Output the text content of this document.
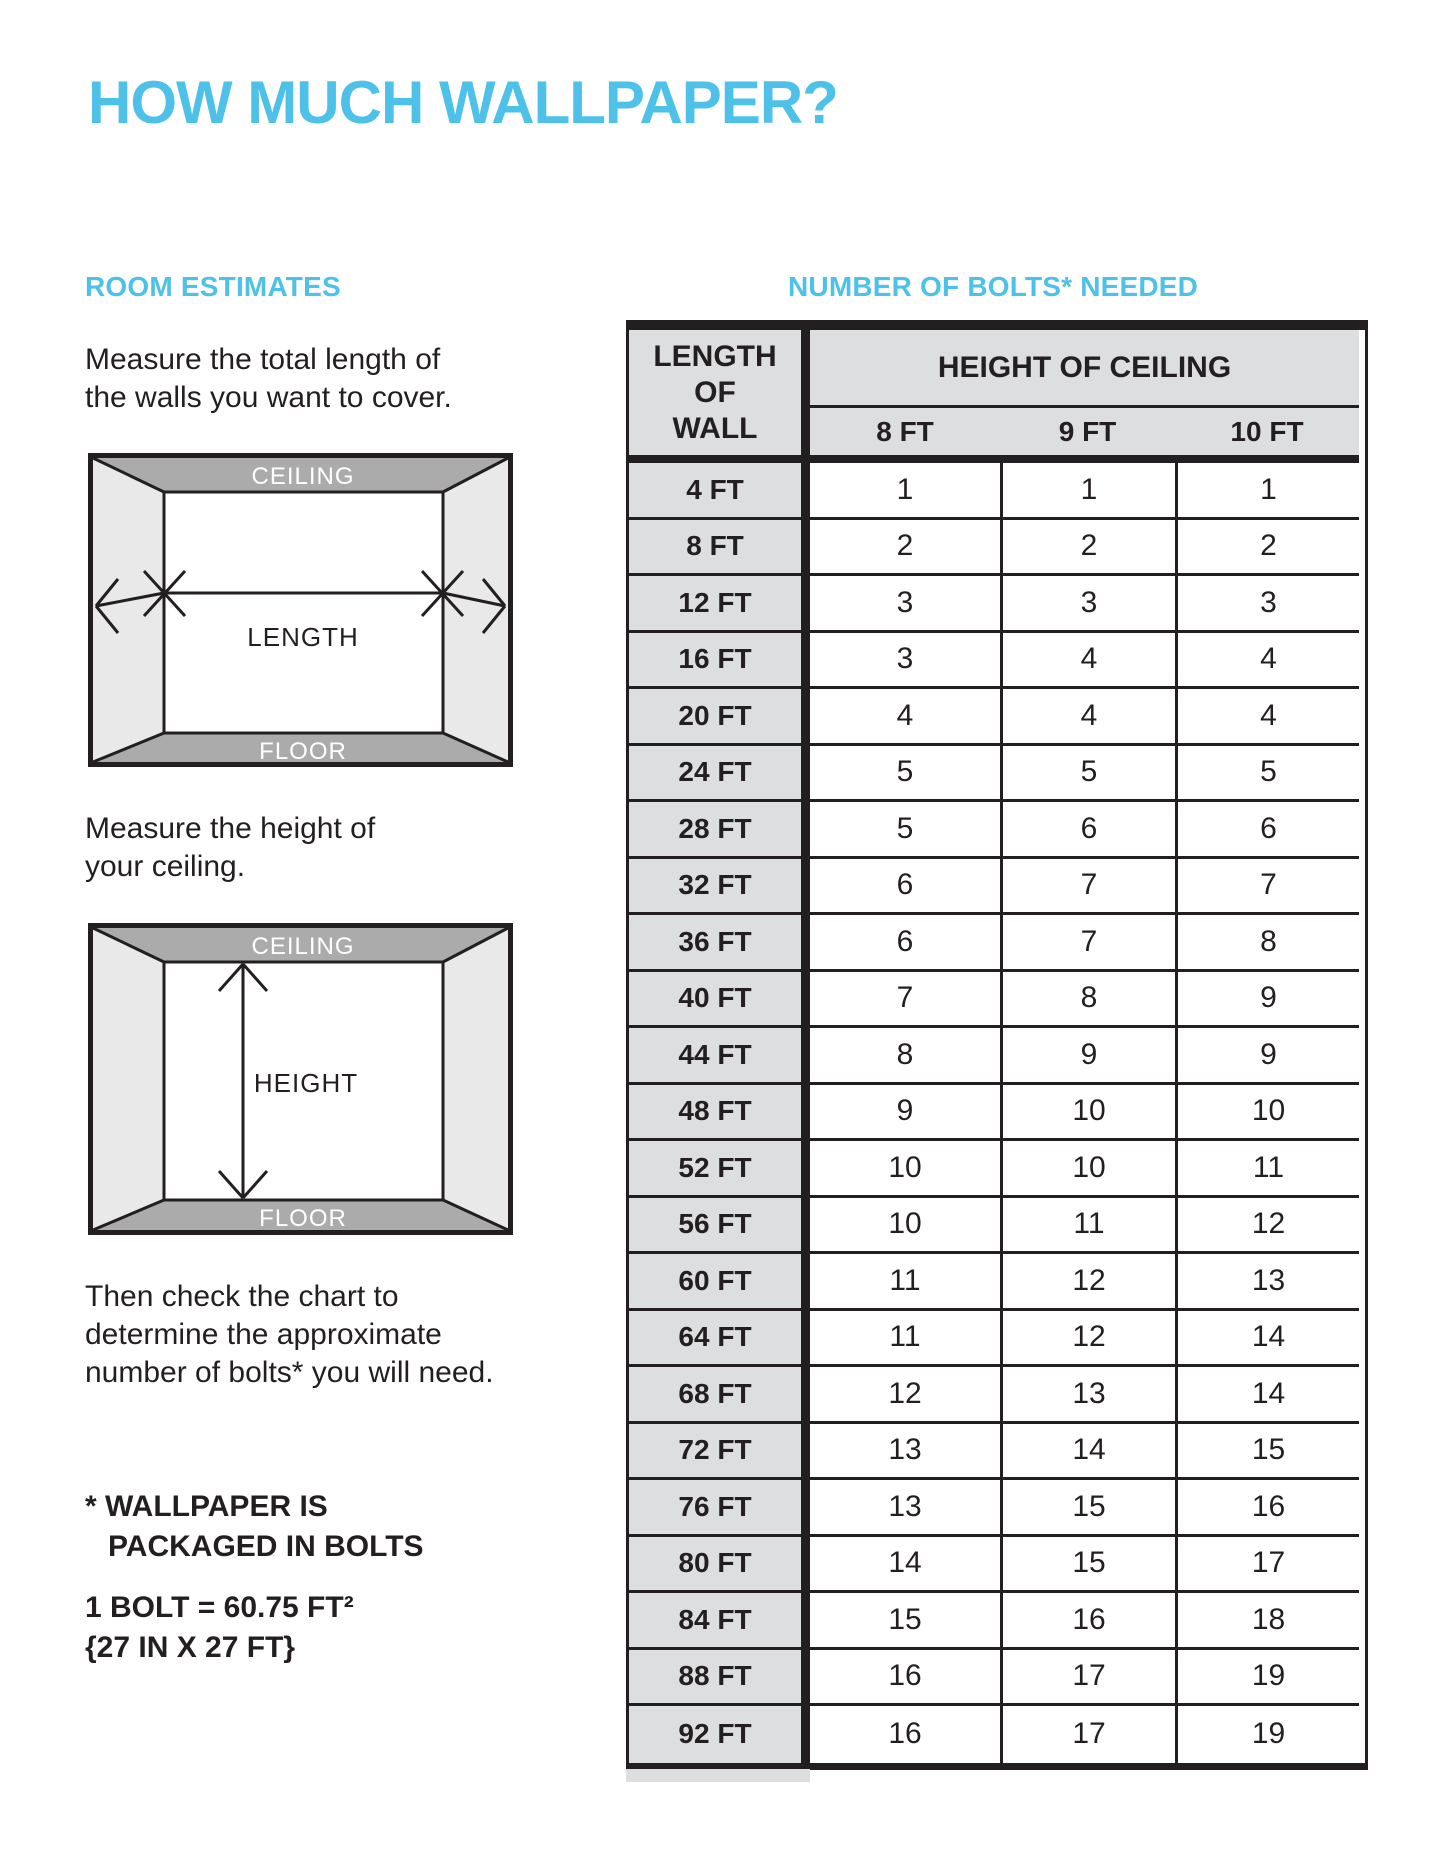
HOW MUCH WALLPAPER?
ROOM ESTIMATES
Measure the total length of
the walls you want to cover.
CEILING
FLOOR
LENGTH
Measure the height of
your ceiling.
CEILING
FLOOR
HEIGHT
Then check the chart to
determine the approximate
number of bolts* you will need.
* WALLPAPER IS
PACKAGED IN BOLTS
1 BOLT = 60.75 FT²
{27 IN X 27 FT}
NUMBER OF BOLTS* NEEDED
LENGTH OF WALL
HEIGHT OF CEILING
8 FT	9 FT	10 FT
4 FT	1	1	1
8 FT	2	2	2
12 FT	3	3	3
16 FT	3	4	4
20 FT	4	4	4
24 FT	5	5	5
28 FT	5	6	6
32 FT	6	7	7
36 FT	6	7	8
40 FT	7	8	9
44 FT	8	9	9
48 FT	9	10	10
52 FT	10	10	11
56 FT	10	11	12
60 FT	11	12	13
64 FT	11	12	14
68 FT	12	13	14
72 FT	13	14	15
76 FT	13	15	16
80 FT	14	15	17
84 FT	15	16	18
88 FT	16	17	19
92 FT	16	17	19
